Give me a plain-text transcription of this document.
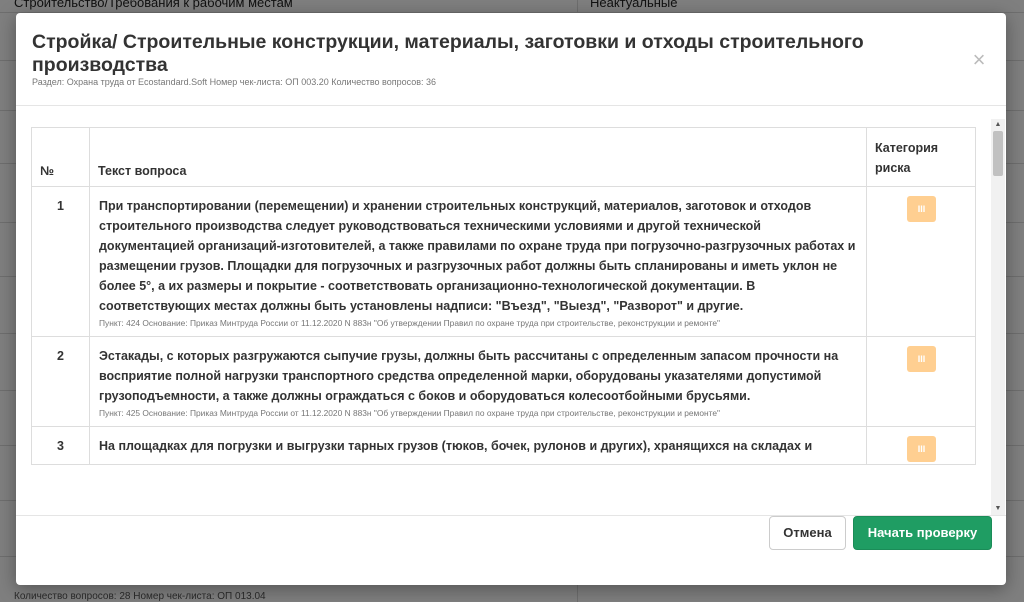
Стройка/ Строительные конструкции, материалы, заготовки и отходы строительного производства
Раздел: Охрана труда от Ecostandard.Soft Номер чек-листа: ОП 003.20 Количество вопросов: 36
×
№	Текст вопроса	Категория риска
1	При транспортировании (перемещении) и хранении строительных конструкций, материалов, заготовок и отходов строительного производства следует руководствоваться техническими условиями и другой технической документацией организаций-изготовителей, а также правилами по охране труда при погрузочно-разгрузочных работах и размещении грузов. Площадки для погрузочных и разгрузочных работ должны быть спланированы и иметь уклон не более 5°, а их размеры и покрытие - соответствовать организационно-технологической документации. В соответствующих местах должны быть установлены надписи: "Въезд", "Выезд", "Разворот" и другие.
Пункт: 424 Основание: Приказ Минтруда России от 11.12.2020 N 883н "Об утверждении Правил по охране труда при строительстве, реконструкции и ремонте"	III
2	Эстакады, с которых разгружаются сыпучие грузы, должны быть рассчитаны с определенным запасом прочности на восприятие полной нагрузки транспортного средства определенной марки, оборудованы указателями допустимой грузоподъемности, а также должны ограждаться с боков и оборудоваться колесоотбойными брусьями.
Пункт: 425 Основание: Приказ Минтруда России от 11.12.2020 N 883н "Об утверждении Правил по охране труда при строительстве, реконструкции и ремонте"	III
3	На площадках для погрузки и выгрузки тарных грузов (тюков, бочек, рулонов и других), хранящихся на складах и	III
▲
▼
Отмена	Начать проверку
